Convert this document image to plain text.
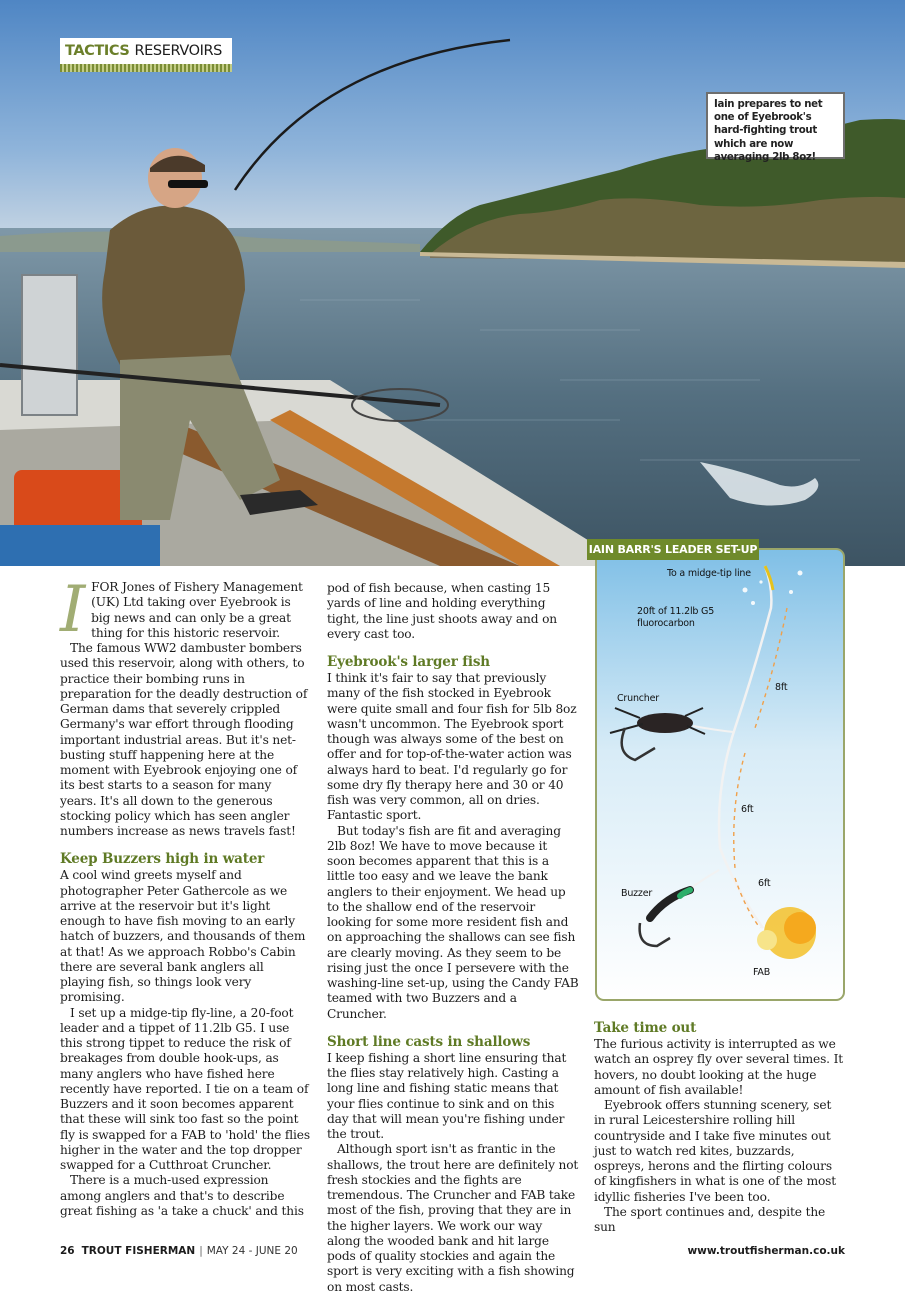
TACTICS RESERVOIRS
Iain prepares to net one of Eyebrook's hard-fighting trout which are now averaging 2lb 8oz!
I FOR Jones of Fishery Management (UK) Ltd taking over Eyebrook is big news and can only be a great thing for this historic reservoir.

The famous WW2 dambuster bombers used this reservoir, along with others, to practice their bombing runs in preparation for the deadly destruction of German dams that severely crippled Germany's war effort through flooding important industrial areas. But it's net-busting stuff happening here at the moment with Eyebrook enjoying one of its best starts to a season for many years. It's all down to the generous stocking policy which has seen angler numbers increase as news travels fast!

Keep Buzzers high in water

A cool wind greets myself and photographer Peter Gathercole as we arrive at the reservoir but it's light enough to have fish moving to an early hatch of buzzers, and thousands of them at that! As we approach Robbo's Cabin there are several bank anglers all playing fish, so things look very promising.

I set up a midge-tip fly-line, a 20-foot leader and a tippet of 11.2lb G5. I use this strong tippet to reduce the risk of breakages from double hook-ups, as many anglers who have fished here recently have reported. I tie on a team of Buzzers and it soon becomes apparent that these will sink too fast so the point fly is swapped for a FAB to 'hold' the flies higher in the water and the top dropper swapped for a Cutthroat Cruncher.

There is a much-used expression among anglers and that's to describe great fishing as 'a take a chuck' and this

pod of fish because, when casting 15 yards of line and holding everything tight, the line just shoots away and on every cast too.

Eyebrook's larger fish

I think it's fair to say that previously many of the fish stocked in Eyebrook were quite small and four fish for 5lb 8oz wasn't uncommon. The Eyebrook sport though was always some of the best on offer and for top-of-the-water action was always hard to beat. I'd regularly go for some dry fly therapy here and 30 or 40 fish was very common, all on dries. Fantastic sport.

But today's fish are fit and averaging 2lb 8oz! We have to move because it soon becomes apparent that this is a little too easy and we leave the bank anglers to their enjoyment. We head up to the shallow end of the reservoir looking for some more resident fish and on approaching the shallows can see fish are clearly moving. As they seem to be rising just the once I persevere with the washing-line set-up, using the Candy FAB teamed with two Buzzers and a Cruncher.

Short line casts in shallows

I keep fishing a short line ensuring that the flies stay relatively high. Casting a long line and fishing static means that your flies continue to sink and on this day that will mean you're fishing under the trout.

Although sport isn't as frantic in the shallows, the trout here are definitely not fresh stockies and the fights are tremendous. The Cruncher and FAB take most of the fish, proving that they are in the higher layers. We work our way along the wooded bank and hit large pods of quality stockies and again the sport is very exciting with a fish showing on most casts.

To a midge-tip line
20ft of 11.2lb G5
fluorocarbon
Cruncher
8ft
6ft
6ft
Buzzer
FAB
IAIN BARR'S LEADER SET-UP
Take time out

The furious activity is interrupted as we watch an osprey fly over several times. It hovers, no doubt looking at the huge amount of fish available!

Eyebrook offers stunning scenery, set in rural Leicestershire rolling hill countryside and I take five minutes out just to watch red kites, buzzards, ospreys, herons and the flirting colours of kingfishers in what is one of the most idyllic fisheries I've been too.

The sport continues and, despite the sun

26 TROUT FISHERMAN | MAY 24 - JUNE 20	www.troutfisherman.co.uk
